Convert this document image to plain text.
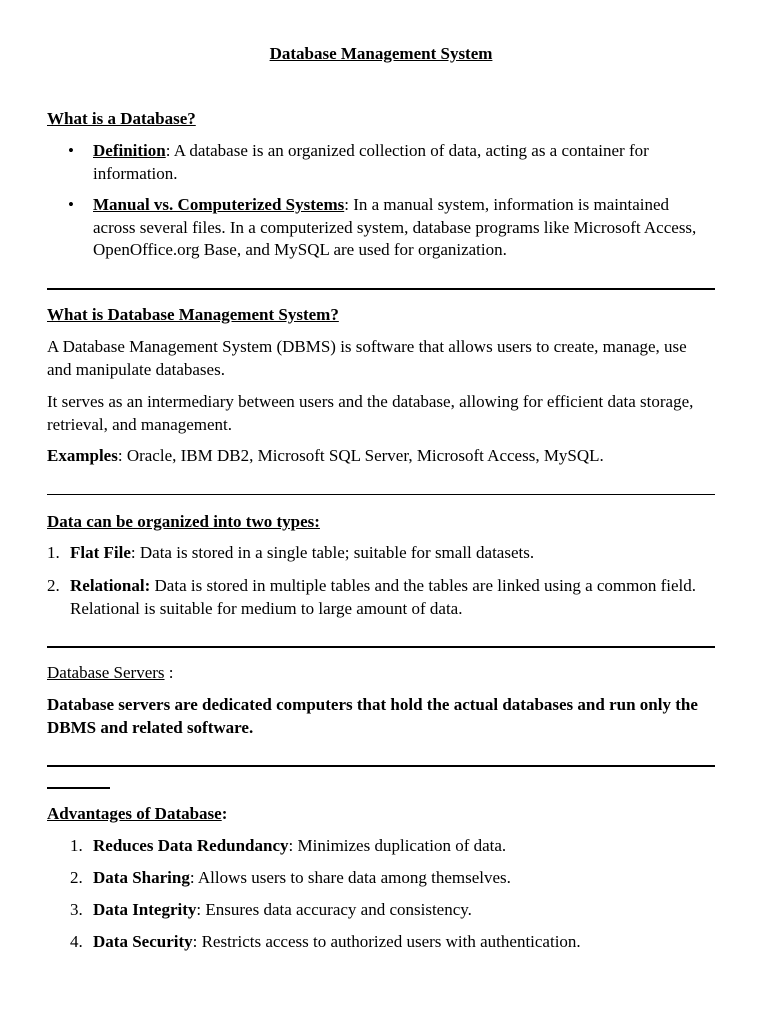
Database Management System
What is a Database?
• Definition: A database is an organized collection of data, acting as a container for information.
• Manual vs. Computerized Systems: In a manual system, information is maintained across several files. In a computerized system, database programs like Microsoft Access, OpenOffice.org Base, and MySQL are used for organization.
What is Database Management System?

A Database Management System (DBMS) is software that allows users to create, manage, use and manipulate databases.

It serves as an intermediary between users and the database, allowing for efficient data storage, retrieval, and management.

Examples: Oracle, IBM DB2, Microsoft SQL Server, Microsoft Access, MySQL.

Data can be organized into two types:
1. Flat File: Data is stored in a single table; suitable for small datasets.
2. Relational: Data is stored in multiple tables and the tables are linked using a common field. Relational is suitable for medium to large amount of data.
Database Servers :

Database servers are dedicated computers that hold the actual databases and run only the DBMS and related software.

Advantages of Database:
1. Reduces Data Redundancy: Minimizes duplication of data.
2. Data Sharing: Allows users to share data among themselves.
3. Data Integrity: Ensures data accuracy and consistency.
4. Data Security: Restricts access to authorized users with authentication.
